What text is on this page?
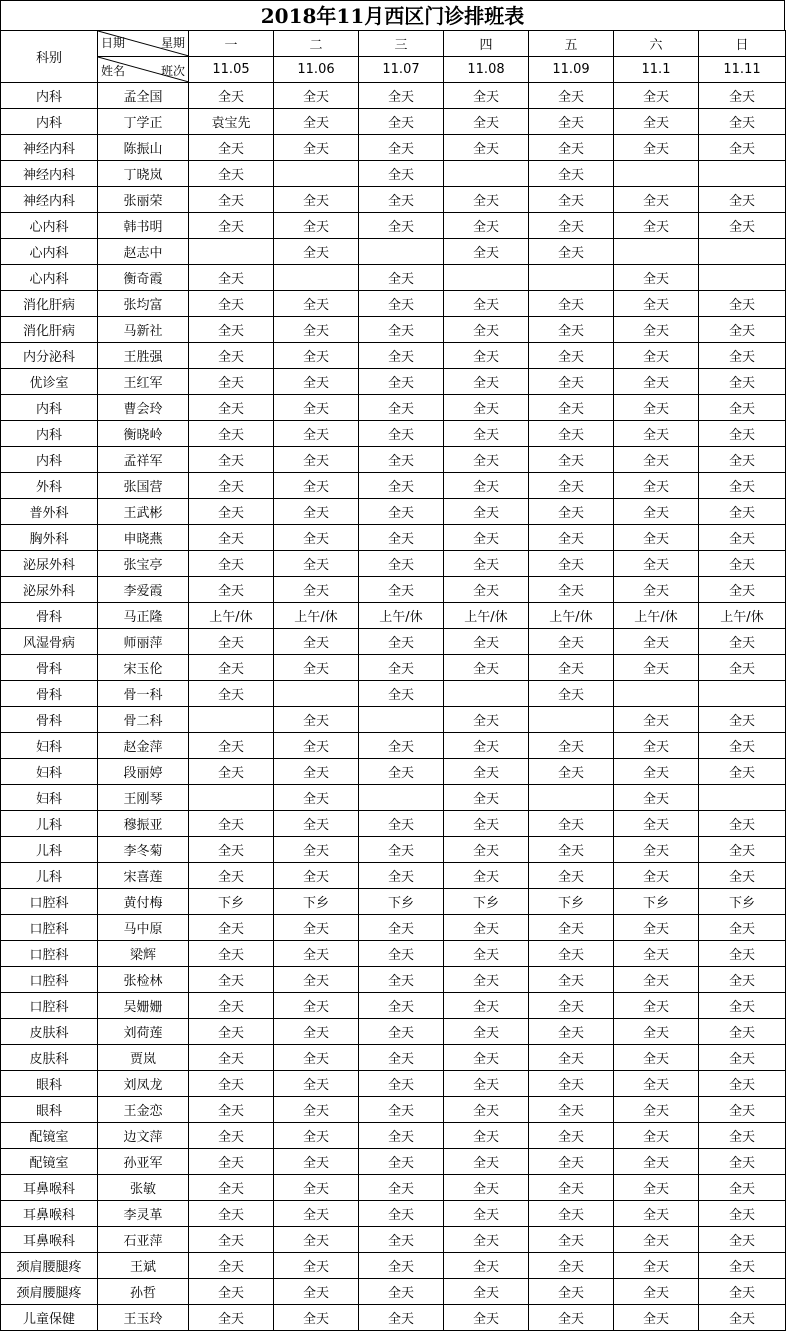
2018年11月西区门诊排班表
科别	日期 星期	一	二	三	四	五	六	日

	姓名 班次	11.05	11.06	11.07	11.08	11.09	11.1	11.11
内科	孟全国	全天	全天	全天	全天	全天	全天	全天
内科	丁学正	袁宝先	全天	全天	全天	全天	全天	全天
神经内科	陈振山	全天	全天	全天	全天	全天	全天	全天
神经内科	丁晓岚	全天		全天		全天		
神经内科	张丽荣	全天	全天	全天	全天	全天	全天	全天
心内科	韩书明	全天	全天	全天	全天	全天	全天	全天
心内科	赵志中		全天		全天	全天		
心内科	衡奇霞	全天		全天			全天	
消化肝病	张均富	全天	全天	全天	全天	全天	全天	全天
消化肝病	马新社	全天	全天	全天	全天	全天	全天	全天
内分泌科	王胜强	全天	全天	全天	全天	全天	全天	全天
优诊室	王红军	全天	全天	全天	全天	全天	全天	全天
内科	曹会玲	全天	全天	全天	全天	全天	全天	全天
内科	衡晓岭	全天	全天	全天	全天	全天	全天	全天
内科	孟祥军	全天	全天	全天	全天	全天	全天	全天
外科	张国营	全天	全天	全天	全天	全天	全天	全天
普外科	王武彬	全天	全天	全天	全天	全天	全天	全天
胸外科	申晓燕	全天	全天	全天	全天	全天	全天	全天
泌尿外科	张宝亭	全天	全天	全天	全天	全天	全天	全天
泌尿外科	李爱霞	全天	全天	全天	全天	全天	全天	全天
骨科	马正隆	上午/休	上午/休	上午/休	上午/休	上午/休	上午/休	上午/休
风湿骨病	师丽萍	全天	全天	全天	全天	全天	全天	全天
骨科	宋玉伦	全天	全天	全天	全天	全天	全天	全天
骨科	骨一科	全天		全天		全天		
骨科	骨二科		全天		全天		全天	全天
妇科	赵金萍	全天	全天	全天	全天	全天	全天	全天
妇科	段丽婷	全天	全天	全天	全天	全天	全天	全天
妇科	王刚琴		全天		全天		全天	
儿科	穆振亚	全天	全天	全天	全天	全天	全天	全天
儿科	李冬菊	全天	全天	全天	全天	全天	全天	全天
儿科	宋喜莲	全天	全天	全天	全天	全天	全天	全天
口腔科	黄付梅	下乡	下乡	下乡	下乡	下乡	下乡	下乡
口腔科	马中原	全天	全天	全天	全天	全天	全天	全天
口腔科	梁辉	全天	全天	全天	全天	全天	全天	全天
口腔科	张检林	全天	全天	全天	全天	全天	全天	全天
口腔科	吴姗姗	全天	全天	全天	全天	全天	全天	全天
皮肤科	刘荷莲	全天	全天	全天	全天	全天	全天	全天
皮肤科	贾岚	全天	全天	全天	全天	全天	全天	全天
眼科	刘凤龙	全天	全天	全天	全天	全天	全天	全天
眼科	王金恋	全天	全天	全天	全天	全天	全天	全天
配镜室	边文萍	全天	全天	全天	全天	全天	全天	全天
配镜室	孙亚军	全天	全天	全天	全天	全天	全天	全天
耳鼻喉科	张敏	全天	全天	全天	全天	全天	全天	全天
耳鼻喉科	李灵革	全天	全天	全天	全天	全天	全天	全天
耳鼻喉科	石亚萍	全天	全天	全天	全天	全天	全天	全天
颈肩腰腿疼	王斌	全天	全天	全天	全天	全天	全天	全天
颈肩腰腿疼	孙哲	全天	全天	全天	全天	全天	全天	全天
儿童保健	王玉玲	全天	全天	全天	全天	全天	全天	全天
